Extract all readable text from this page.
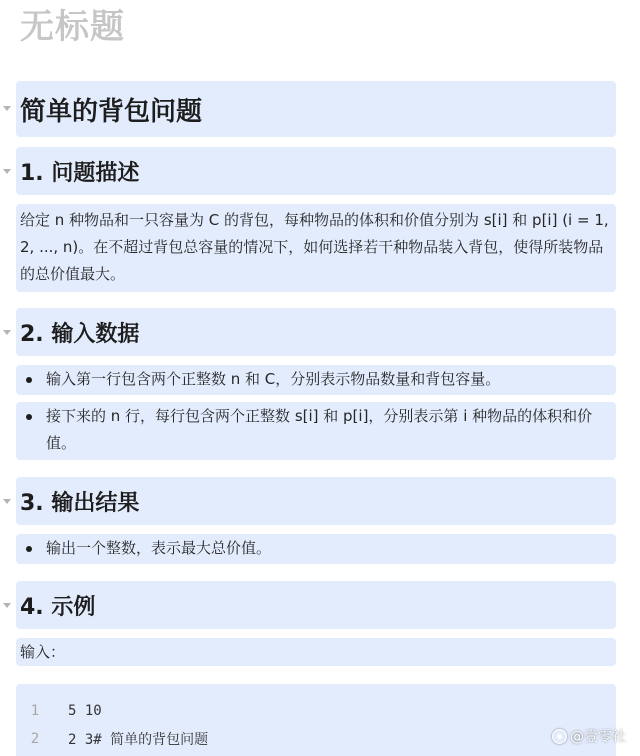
无标题
简单的背包问题
1. 问题描述

给定 n 种物品和一只容量为 C 的背包，每种物品的体积和价值分别为 s[i] 和 p[i] (i = 1, 2, ..., n)。在不超过背包总容量的情况下，如何选择若干种物品装入背包，使得所装物品的总价值最大。

2. 输入数据
输入第一行包含两个正整数 n 和 C，分别表示物品数量和背包容量。
接下来的 n 行，每行包含两个正整数 s[i] 和 p[i]，分别表示第 i 种物品的体积和价值。
3. 输出结果
输出一个整数，表示最大总价值。
4. 示例

输入：

1	5 10
2	2 3# 简单的背包问题	@壹零社
